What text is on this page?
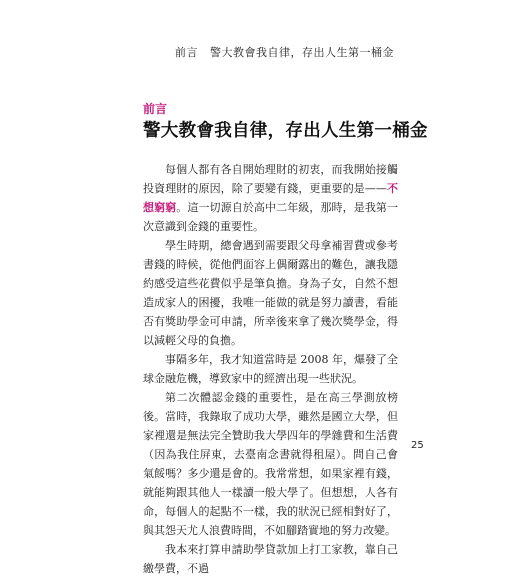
前言 警大教會我自律，存出人生第一桶金
前言
警大教會我自律，存出人生第一桶金

每個人都有各自開始理財的初衷，而我開始接觸投資理財的原因，除了要變有錢，更重要的是——不想窮窮。這一切源自於高中二年級，那時，是我第一次意識到金錢的重要性。

學生時期，總會遇到需要跟父母拿補習費或參考書錢的時候，從他們面容上偶爾露出的難色，讓我隱約感受這些花費似乎是筆負擔。身為子女，自然不想造成家人的困擾，我唯一能做的就是努力讀書，看能否有獎助學金可申請，所幸後來拿了幾次獎學金，得以減輕父母的負擔。

事隔多年，我才知道當時是 2008 年，爆發了全球金融危機，導致家中的經濟出現一些狀況。

第二次體認金錢的重要性，是在高三學測放榜後。當時，我錄取了成功大學，雖然是國立大學，但家裡還是無法完全贊助我大學四年的學雜費和生活費（因為我住屏東，去臺南念書就得租屋）。問自己會氣餒嗎？多少還是會的。我常常想，如果家裡有錢，就能夠跟其他人一樣讀一般大學了。但想想，人各有命，每個人的起點不一樣，我的狀況已經相對好了，與其怨天尤人浪費時間，不如腳踏實地的努力改變。

我本來打算申請助學貸款加上打工家教，靠自己繳學費，不過

25
